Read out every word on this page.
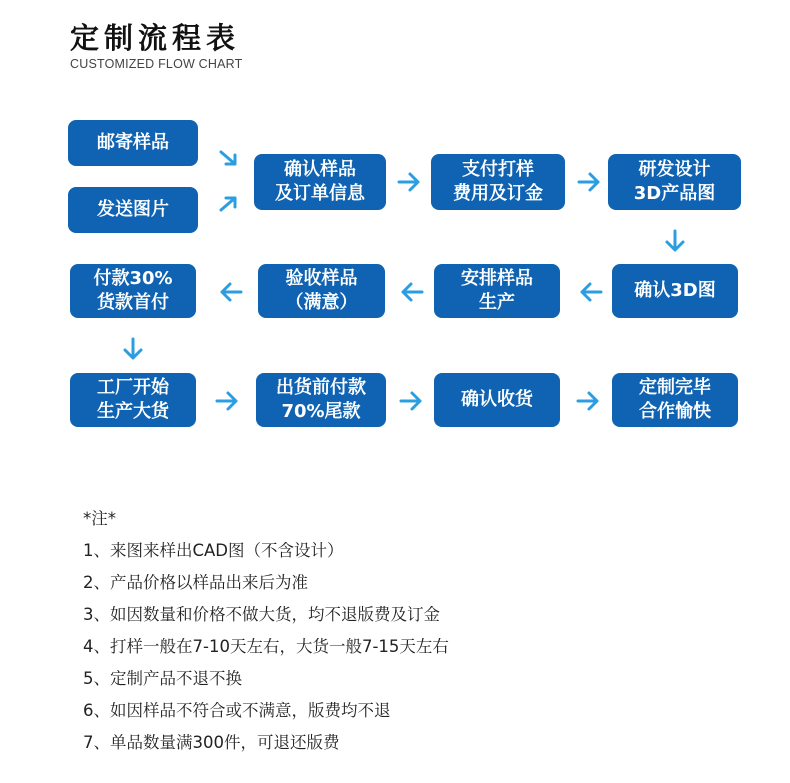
定制流程表
CUSTOMIZED FLOW CHART
邮寄样品
发送图片
确认样品
及订单信息
支付打样
费用及订金
研发设计
3D产品图
确认3D图
安排样品
生产
验收样品
（满意）
付款30%
货款首付
工厂开始
生产大货
出货前付款
70%尾款
确认收货
定制完毕
合作愉快
*注*
1、来图来样出CAD图（不含设计）
2、产品价格以样品出来后为准
3、如因数量和价格不做大货，均不退版费及订金
4、打样一般在7-10天左右，大货一般7-15天左右
5、定制产品不退不换
6、如因样品不符合或不满意，版费均不退
7、单品数量满300件，可退还版费
